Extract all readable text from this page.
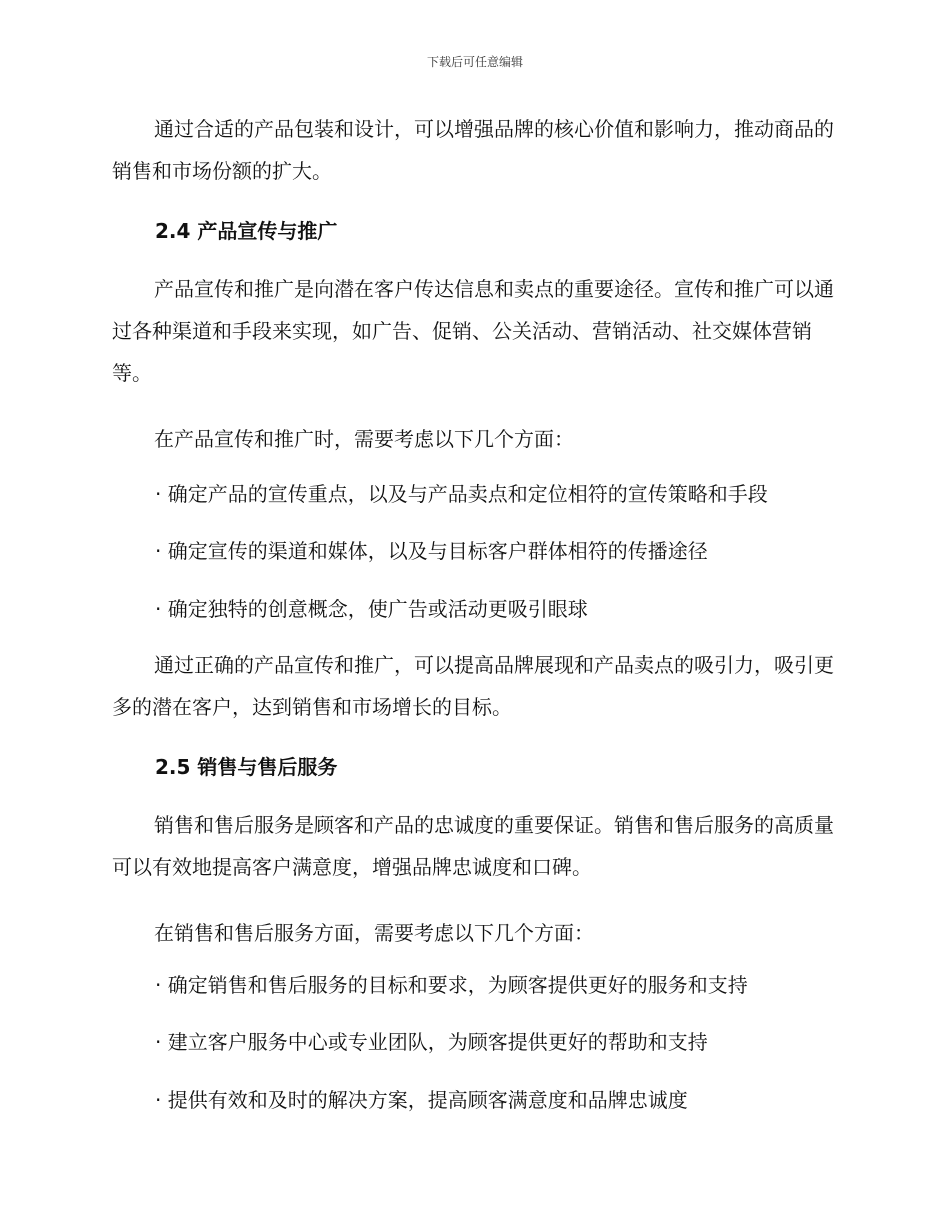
下载后可任意编辑

通过合适的产品包装和设计，可以增强品牌的核心价值和影响力，推动商品的销售和市场份额的扩大。

2.4 产品宣传与推广

产品宣传和推广是向潜在客户传达信息和卖点的重要途径。宣传和推广可以通过各种渠道和手段来实现，如广告、促销、公关活动、营销活动、社交媒体营销等。

在产品宣传和推广时，需要考虑以下几个方面：

· 确定产品的宣传重点，以及与产品卖点和定位相符的宣传策略和手段

· 确定宣传的渠道和媒体，以及与目标客户群体相符的传播途径

· 确定独特的创意概念，使广告或活动更吸引眼球

通过正确的产品宣传和推广，可以提高品牌展现和产品卖点的吸引力，吸引更多的潜在客户，达到销售和市场增长的目标。

2.5 销售与售后服务

销售和售后服务是顾客和产品的忠诚度的重要保证。销售和售后服务的高质量可以有效地提高客户满意度，增强品牌忠诚度和口碑。

在销售和售后服务方面，需要考虑以下几个方面：

· 确定销售和售后服务的目标和要求，为顾客提供更好的服务和支持

· 建立客户服务中心或专业团队，为顾客提供更好的帮助和支持

· 提供有效和及时的解决方案，提高顾客满意度和品牌忠诚度
